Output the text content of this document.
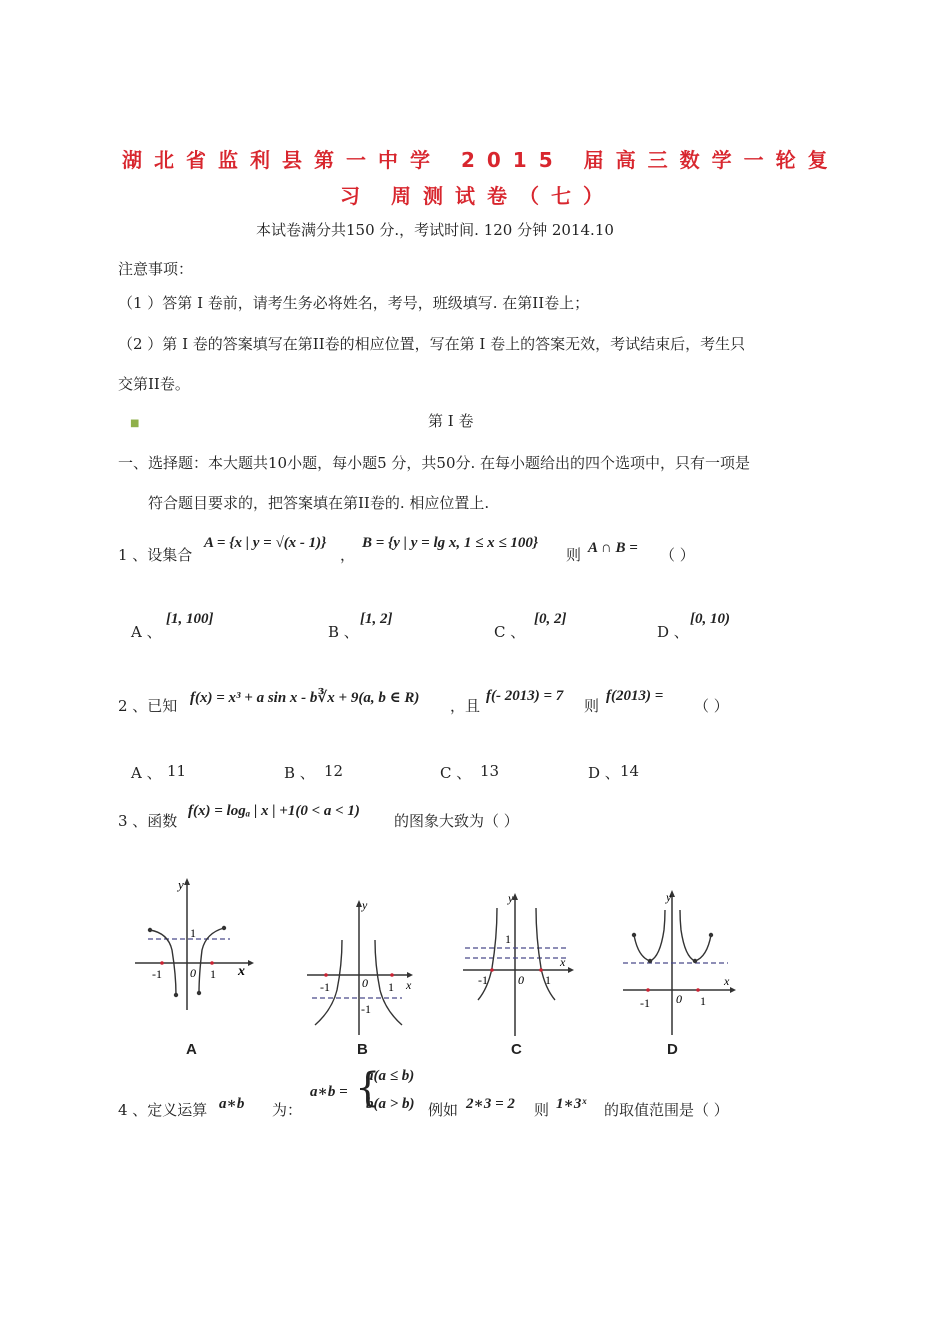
湖北省监利县第一中学 2015 届高三数学一轮复
习 周测试卷（七）
本试卷满分共150 分.，考试时间. 120 分钟 2014.10
注意事项：
（1 ）答第 I 卷前，请考生务必将姓名，考号，班级填写. 在第II卷上；
（2 ）第 I 卷的答案填写在第II卷的相应位置，写在第 I 卷上的答案无效，考试结束后，考生只
交第II卷。
■	第 I 卷
一、选择题：本大题共10小题，每小题5 分，共50分. 在每小题给出的四个选项中，只有一项是
符合题目要求的，把答案填在第II卷的. 相应位置上.
1 、设集合
A = {x | y = √(x - 1)}
，
B = {y | y = lg x, 1 ≤ x ≤ 100}
则 A ∩ B = （ ）
A 、
[1, 100]
B 、
[1, 2]
C 、
[0, 2]
D 、
[0, 10)
2 、已知 f(x) = x³ + a sin x - b∛x + 9(a, b ∈ R) ，且
f(- 2013) = 7
则
f(2013) =
（ ）
A 、 11	B 、 12	C 、 13	D 、 14
3 、函数
f(x) = logₐ | x | +1(0 < a < 1)
的图象大致为（ ）
y
x
1
0
-1	1
A
y
x
0
-1	1
-1
B
y
x
1
0
-1	1
C
y
x
0
-1	1
D
4 、定义运算 a∗b 为：
a∗b = {
a(a ≤ b)
b(a > b) 例如 2∗3 = 2 则 1∗3ˣ 的取值范围是（ ）
